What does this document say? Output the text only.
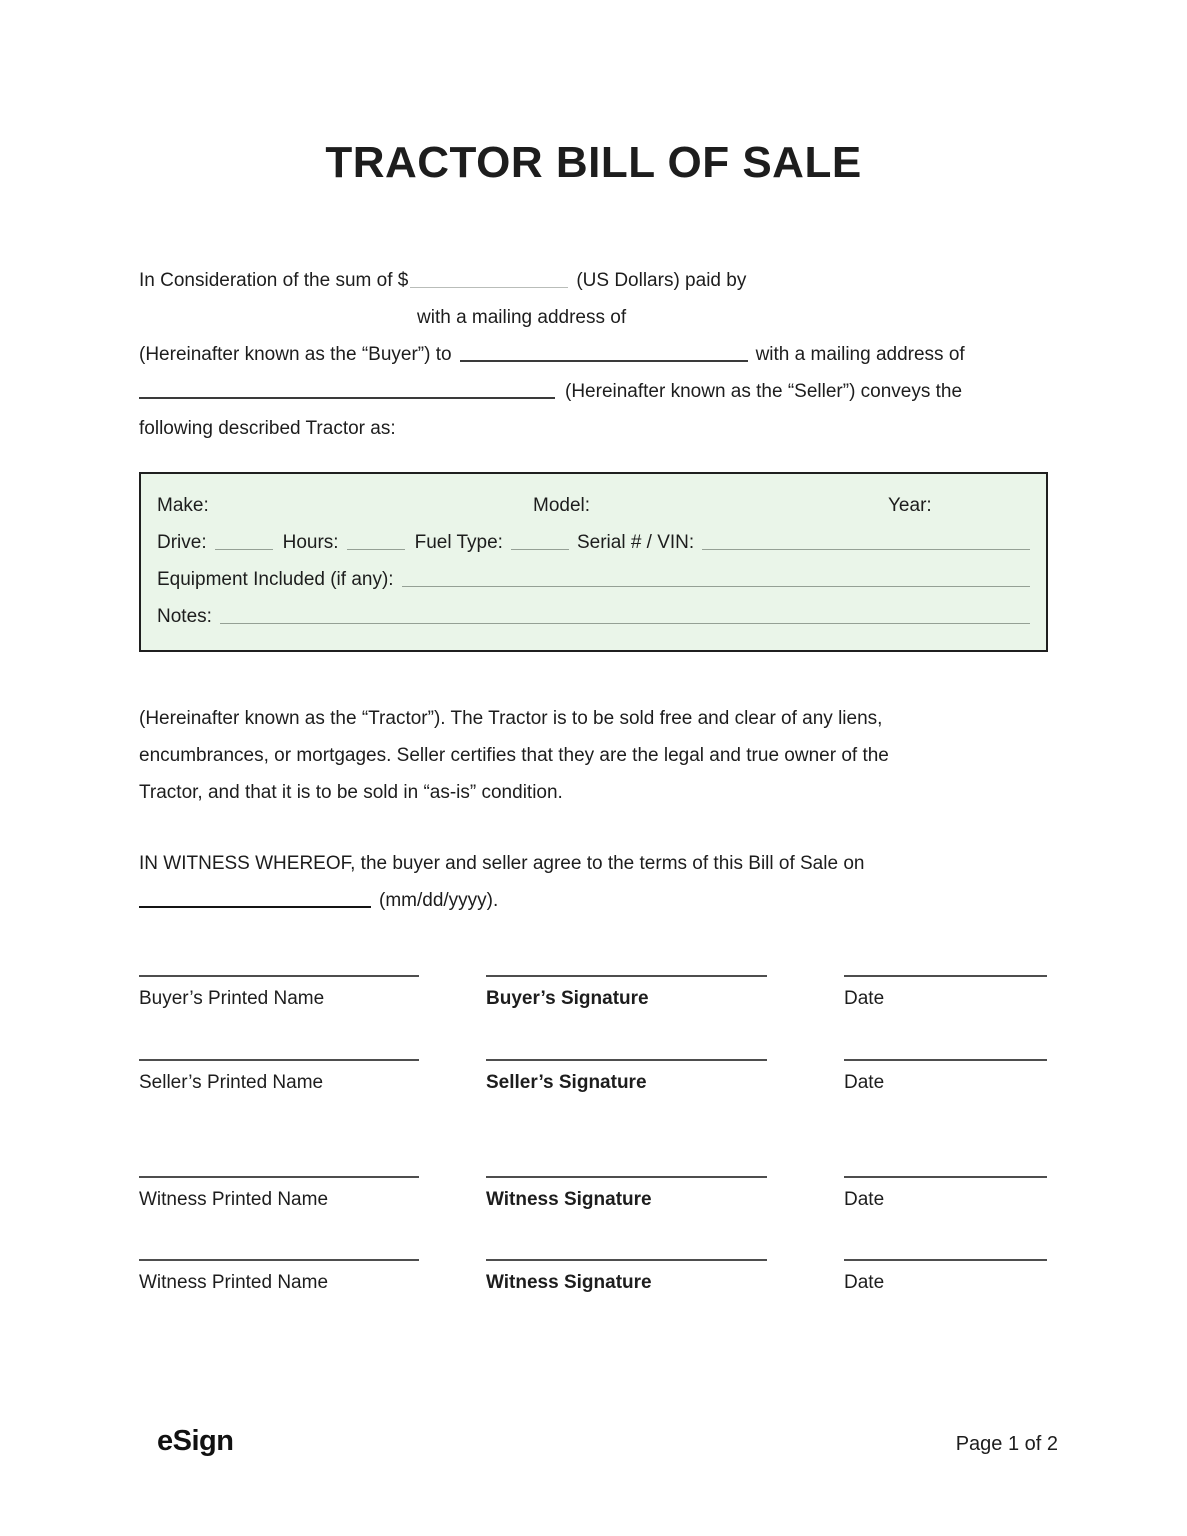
TRACTOR BILL OF SALE
In Consideration of the sum of $	(US Dollars) paid by
with a mailing address of
(Hereinafter known as the “Buyer”) to	with a mailing address of
(Hereinafter known as the “Seller”) conveys the
following described Tractor as:
Make:	Model:	Year:
Drive:	Hours:	Fuel Type:	Serial # / VIN:
Equipment Included (if any):
Notes:
(Hereinafter known as the “Tractor”). The Tractor is to be sold free and clear of any liens,
encumbrances, or mortgages. Seller certifies that they are the legal and true owner of the
Tractor, and that it is to be sold in “as-is” condition.
IN WITNESS WHEREOF, the buyer and seller agree to the terms of this Bill of Sale on
(mm/dd/yyyy).
Buyer’s Printed Name	Buyer’s Signature	Date
Seller’s Printed Name	Seller’s Signature	Date
Witness Printed Name	Witness Signature	Date
Witness Printed Name	Witness Signature	Date
eSign	Page 1 of 2
